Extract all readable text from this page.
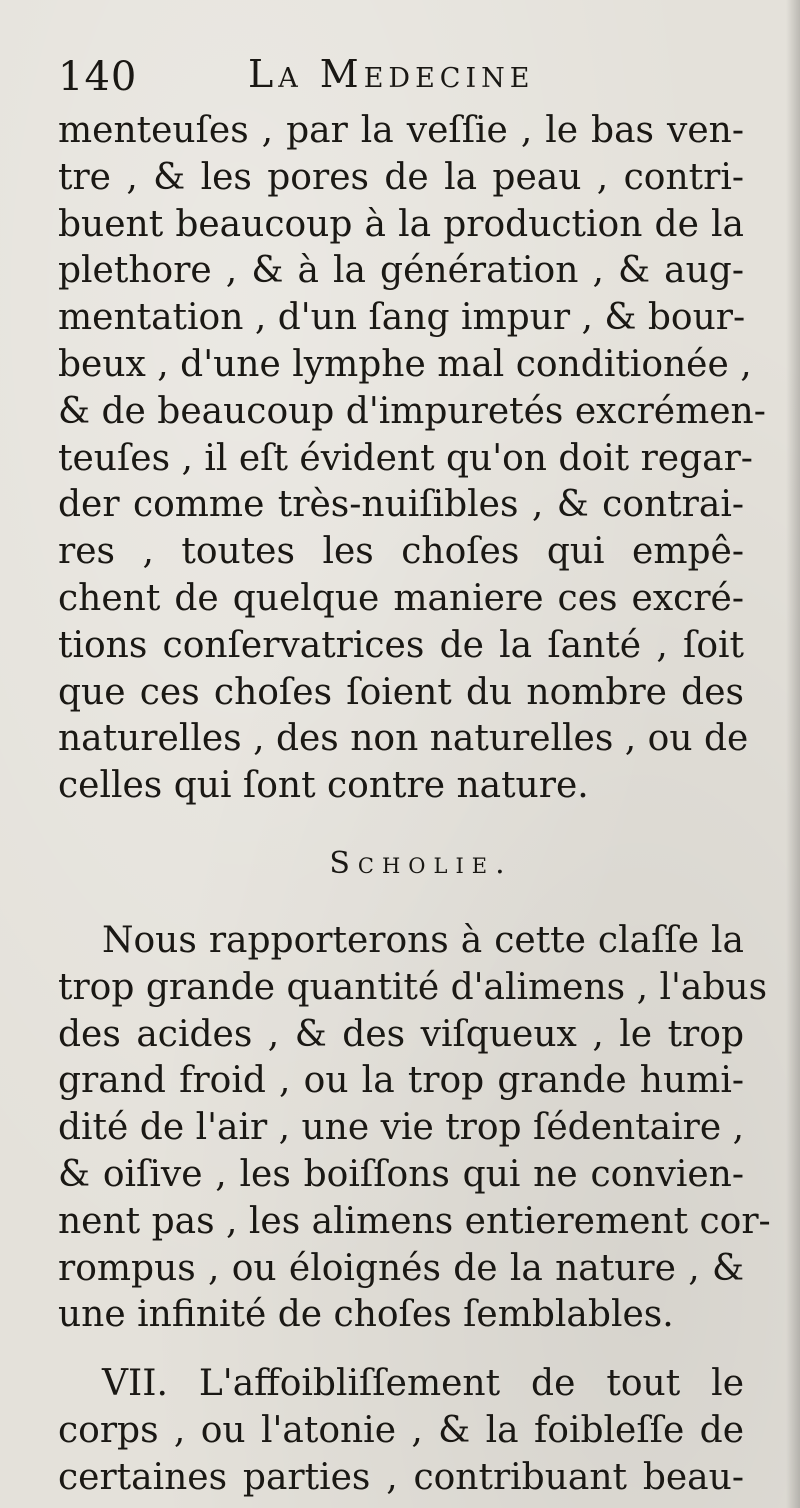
140	La Medecine
menteuſes , par la veſſie , le bas ven-
tre , & les pores de la peau , contri-
buent beaucoup à la production de la
plethore , & à la génération , & aug-
mentation , d'un ſang impur , & bour-
beux , d'une lymphe mal conditionée ,
& de beaucoup d'impuretés excrémen-
teuſes , il eſt évident qu'on doit regar-
der comme très-nuiſibles , & contrai-
res , toutes les choſes qui empê-
chent de quelque maniere ces excré-
tions conſervatrices de la ſanté , ſoit
que ces choſes ſoient du nombre des
naturelles , des non naturelles , ou de
celles qui ſont contre nature.
Scholie.
Nous rapporterons à cette claſſe la
trop grande quantité d'alimens , l'abus
des acides , & des viſqueux , le trop
grand froid , ou la trop grande humi-
dité de l'air , une vie trop ſédentaire ,
& oiſive , les boiſſons qui ne convien-
nent pas , les alimens entierement cor-
rompus , ou éloignés de la nature , &
une infinité de choſes ſemblables.
VII. L'affoibliſſement de tout le
corps , ou l'atonie , & la foibleſſe de
certaines parties , contribuant beau-
